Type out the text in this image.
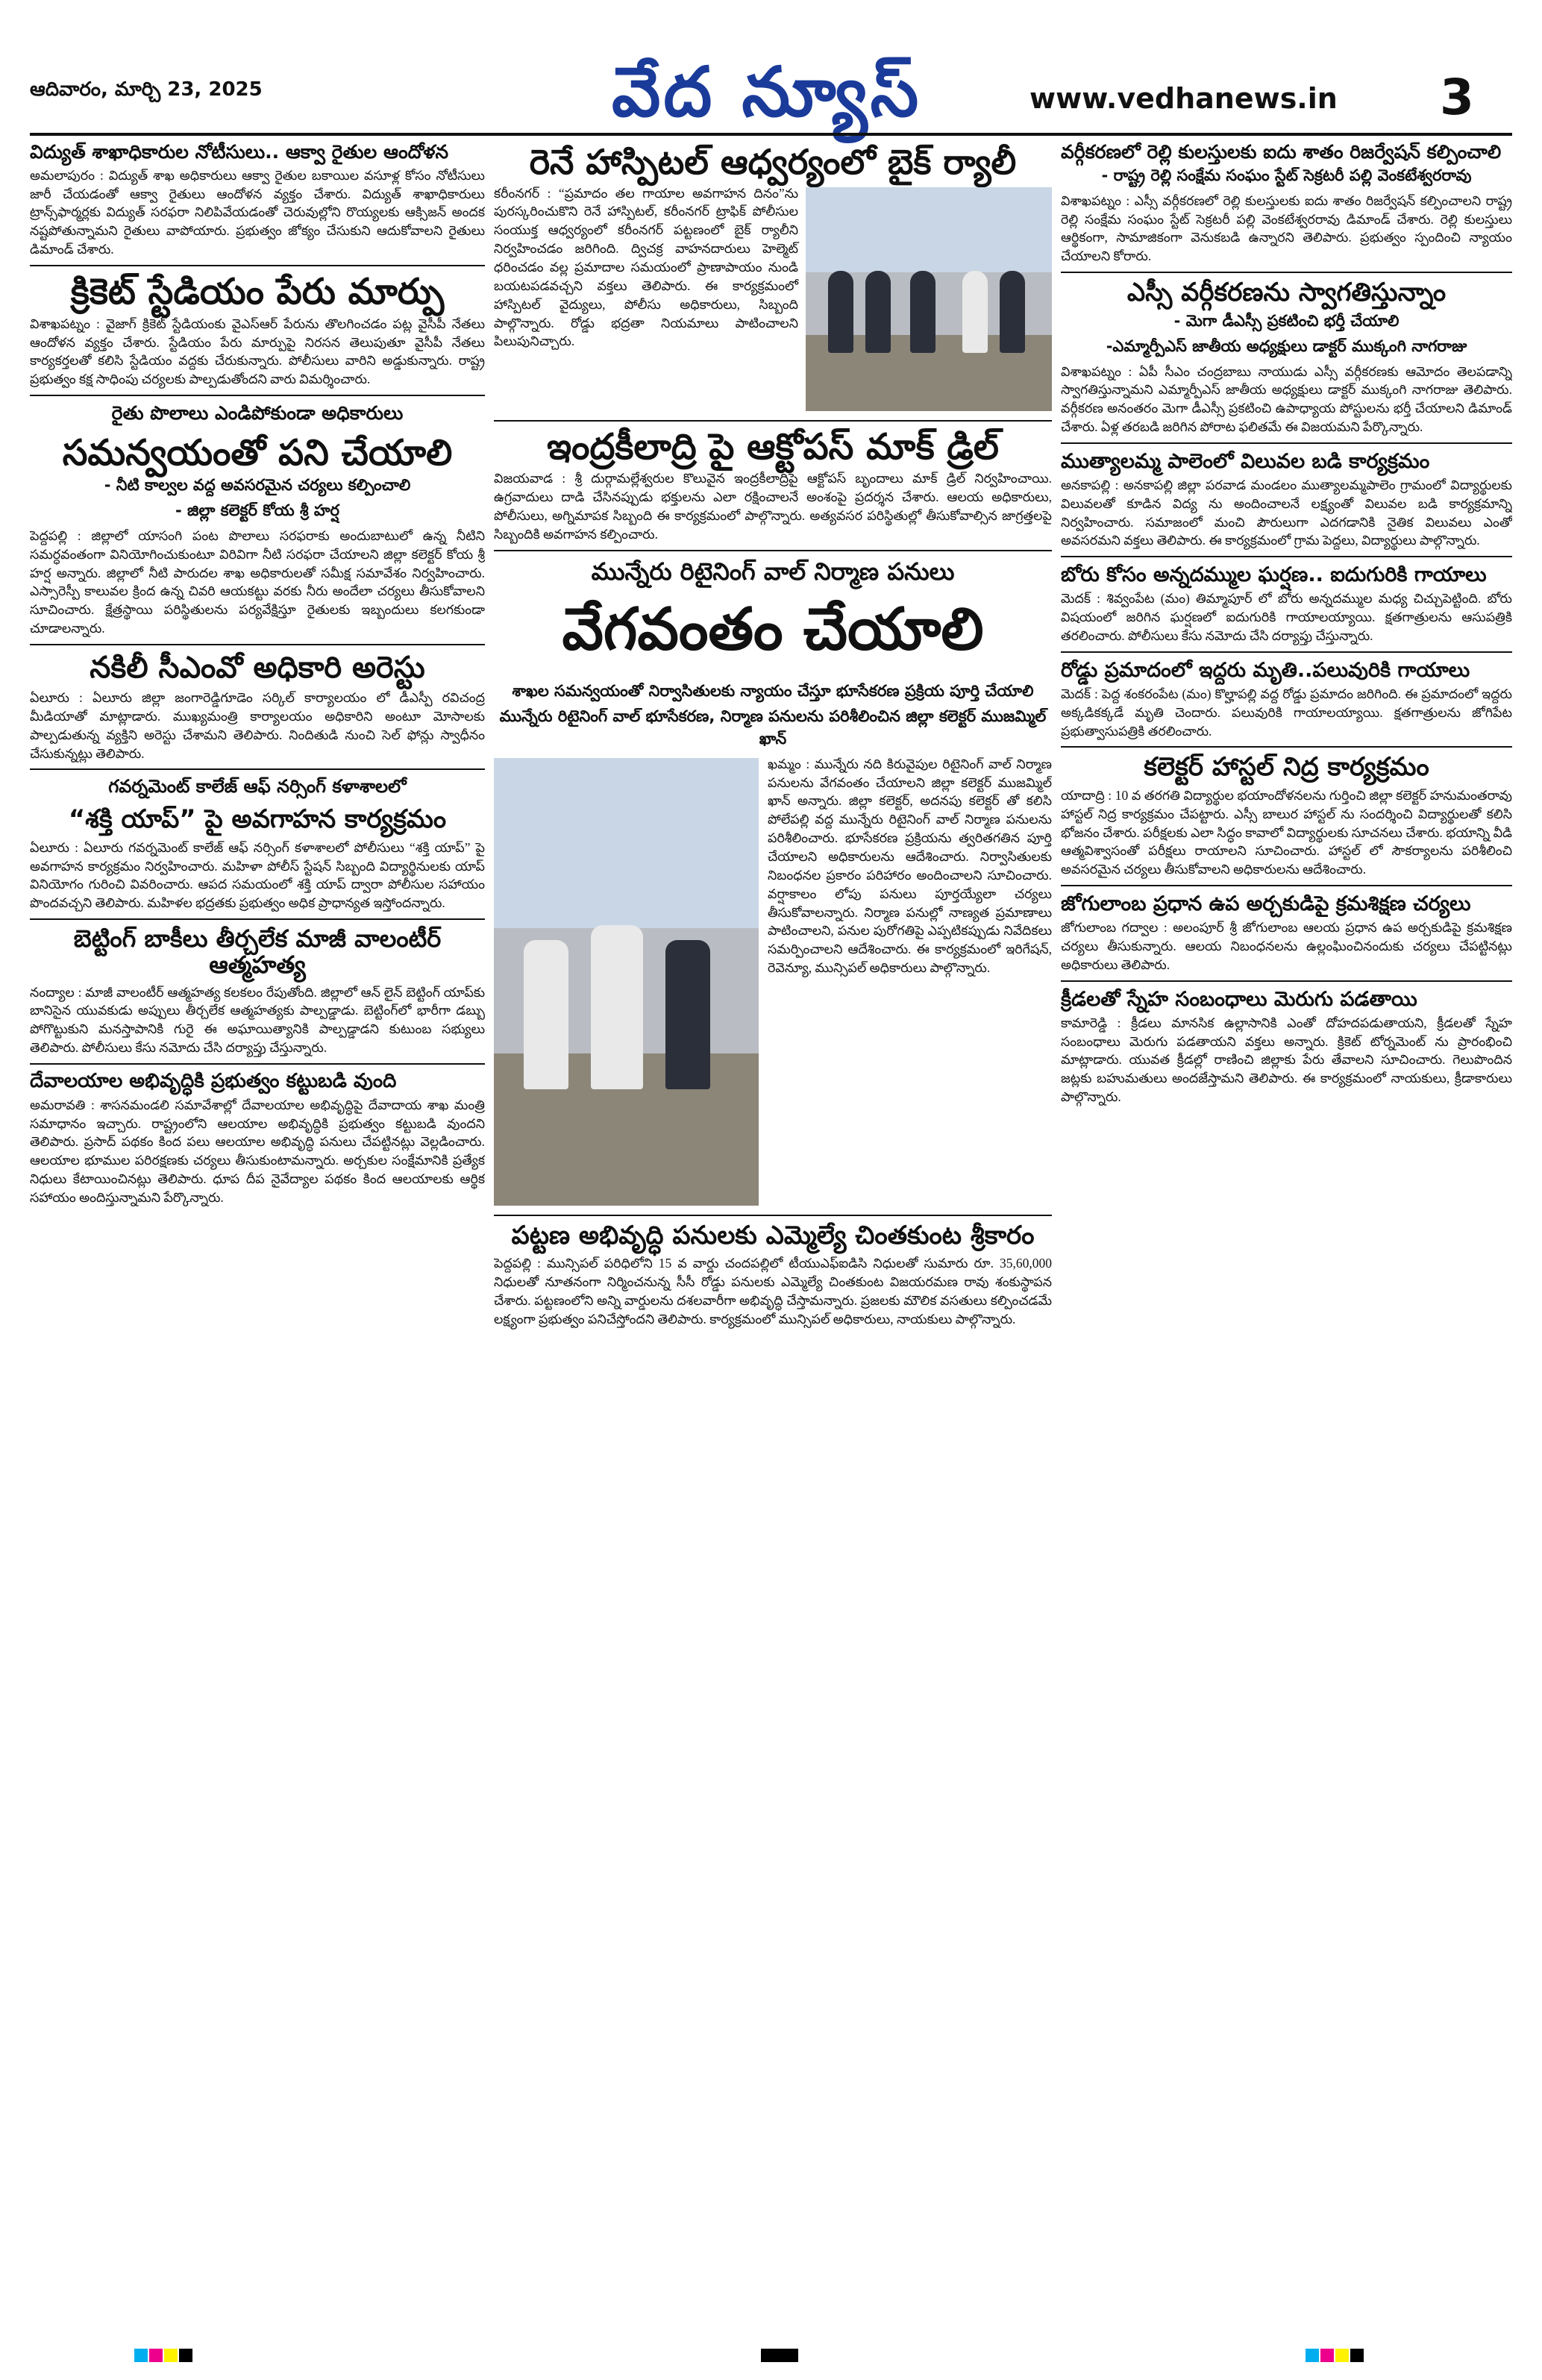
ఆదివారం, మార్చి 23, 2025	వేద న్యూస్	www.vedhanews.in 3
విద్యుత్ శాఖాధికారుల నోటీసులు.. ఆక్వా రైతుల ఆందోళన

అమలాపురం : విద్యుత్ శాఖ అధికారులు ఆక్వా రైతుల బకాయిల వసూళ్ల కోసం నోటీసులు జారీ చేయడంతో ఆక్వా రైతులు ఆందోళన వ్యక్తం చేశారు. విద్యుత్ శాఖాధికారులు ట్రాన్స్‌ఫార్మర్లకు విద్యుత్ సరఫరా నిలిపివేయడంతో చెరువుల్లోని రొయ్యలకు ఆక్సిజన్ అందక నష్టపోతున్నామని రైతులు వాపోయారు. ప్రభుత్వం జోక్యం చేసుకుని ఆదుకోవాలని రైతులు డిమాండ్ చేశారు.

క్రికెట్ స్టేడియం పేరు మార్పు

విశాఖపట్నం : వైజాగ్ క్రికెట్ స్టేడియంకు వైఎస్ఆర్ పేరును తొలగించడం పట్ల వైసీపీ నేతలు ఆందోళన వ్యక్తం చేశారు. స్టేడియం పేరు మార్పుపై నిరసన తెలుపుతూ వైసీపీ నేతలు కార్యకర్తలతో కలిసి స్టేడియం వద్దకు చేరుకున్నారు. పోలీసులు వారిని అడ్డుకున్నారు. రాష్ట్ర ప్రభుత్వం కక్ష సాధింపు చర్యలకు పాల్పడుతోందని వారు విమర్శించారు.

రైతు పొలాలు ఎండిపోకుండా అధికారులు
సమన్వయంతో పని చేయాలి
- నీటి కాల్వల వద్ద అవసరమైన చర్యలు కల్పించాలి
- జిల్లా కలెక్టర్ కోయ శ్రీ హర్ష

పెద్దపల్లి : జిల్లాలో యాసంగి పంట పొలాలు సరఫరాకు అందుబాటులో ఉన్న నీటిని సమర్ధవంతంగా వినియోగించుకుంటూ విరివిగా నీటి సరఫరా చేయాలని జిల్లా కలెక్టర్ కోయ శ్రీ హర్ష అన్నారు. జిల్లాలో నీటి పారుదల శాఖ అధికారులతో సమీక్ష సమావేశం నిర్వహించారు. ఎస్సారెస్పీ కాలువల క్రింద ఉన్న చివరి ఆయకట్టు వరకు నీరు అందేలా చర్యలు తీసుకోవాలని సూచించారు. క్షేత్రస్థాయి పరిస్థితులను పర్యవేక్షిస్తూ రైతులకు ఇబ్బందులు కలగకుండా చూడాలన్నారు.

నకిలీ సీఎంవో అధికారి అరెస్టు

ఏలూరు : ఏలూరు జిల్లా జంగారెడ్డిగూడెం సర్కిల్ కార్యాలయం లో డీఎస్పీ రవిచంద్ర మీడియాతో మాట్లాడారు. ముఖ్యమంత్రి కార్యాలయం అధికారిని అంటూ మోసాలకు పాల్పడుతున్న వ్యక్తిని అరెస్టు చేశామని తెలిపారు. నిందితుడి నుంచి సెల్ ఫోన్లు స్వాధీనం చేసుకున్నట్లు తెలిపారు.

గవర్నమెంట్ కాలేజ్ ఆఫ్ నర్సింగ్ కళాశాలలో
“శక్తి యాప్” పై అవగాహన కార్యక్రమం

ఏలూరు : ఏలూరు గవర్నమెంట్ కాలేజ్ ఆఫ్ నర్సింగ్ కళాశాలలో పోలీసులు “శక్తి యాప్” పై అవగాహన కార్యక్రమం నిర్వహించారు. మహిళా పోలీస్ స్టేషన్ సిబ్బంది విద్యార్థినులకు యాప్ వినియోగం గురించి వివరించారు. ఆపద సమయంలో శక్తి యాప్ ద్వారా పోలీసుల సహాయం పొందవచ్చని తెలిపారు. మహిళల భద్రతకు ప్రభుత్వం అధిక ప్రాధాన్యత ఇస్తోందన్నారు.

బెట్టింగ్ బాకీలు తీర్చలేక మాజీ వాలంటీర్ ఆత్మహత్య

నంద్యాల : మాజీ వాలంటీర్ ఆత్మహత్య కలకలం రేపుతోంది. జిల్లాలో ఆన్ లైన్ బెట్టింగ్ యాప్‌కు బానిసైన యువకుడు అప్పులు తీర్చలేక ఆత్మహత్యకు పాల్పడ్డాడు. బెట్టింగ్‌లో భారీగా డబ్బు పోగొట్టుకుని మనస్తాపానికి గురై ఈ అఘాయిత్యానికి పాల్పడ్డాడని కుటుంబ సభ్యులు తెలిపారు. పోలీసులు కేసు నమోదు చేసి దర్యాప్తు చేస్తున్నారు.

దేవాలయాల అభివృద్ధికి ప్రభుత్వం కట్టుబడి వుంది

అమరావతి : శాసనమండలి సమావేశాల్లో దేవాలయాల అభివృద్ధిపై దేవాదాయ శాఖ మంత్రి సమాధానం ఇచ్చారు. రాష్ట్రంలోని ఆలయాల అభివృద్ధికి ప్రభుత్వం కట్టుబడి వుందని తెలిపారు. ప్రసాద్ పథకం కింద పలు ఆలయాల అభివృద్ధి పనులు చేపట్టినట్లు వెల్లడించారు. ఆలయాల భూముల పరిరక్షణకు చర్యలు తీసుకుంటామన్నారు. అర్చకుల సంక్షేమానికి ప్రత్యేక నిధులు కేటాయించినట్లు తెలిపారు. ధూప దీప నైవేద్యాల పథకం కింద ఆలయాలకు ఆర్థిక సహాయం అందిస్తున్నామని పేర్కొన్నారు.

రెనే హాస్పిటల్ ఆధ్వర్యంలో బైక్ ర్యాలీ

కరీంనగర్ : “ప్రమాదం తల గాయాల అవగాహన దినం”ను పురస్కరించుకొని రెనే హాస్పిటల్, కరీంనగర్ ట్రాఫిక్ పోలీసుల సంయుక్త ఆధ్వర్యంలో కరీంనగర్ పట్టణంలో బైక్ ర్యాలీని నిర్వహించడం జరిగింది. ద్విచక్ర వాహనదారులు హెల్మెట్ ధరించడం వల్ల ప్రమాదాల సమయంలో ప్రాణాపాయం నుండి బయటపడవచ్చని వక్తలు తెలిపారు. ఈ కార్యక్రమంలో హాస్పిటల్ వైద్యులు, పోలీసు అధికారులు, సిబ్బంది పాల్గొన్నారు. రోడ్డు భద్రతా నియమాలు పాటించాలని పిలుపునిచ్చారు.

ఇంద్రకీలాద్రి పై ఆక్టోపస్ మాక్ డ్రిల్

విజయవాడ : శ్రీ దుర్గామల్లేశ్వరుల కొలువైన ఇంద్రకీలాద్రిపై ఆక్టోపస్ బృందాలు మాక్ డ్రిల్ నిర్వహించాయి. ఉగ్రవాదులు దాడి చేసినప్పుడు భక్తులను ఎలా రక్షించాలనే అంశంపై ప్రదర్శన చేశారు. ఆలయ అధికారులు, పోలీసులు, అగ్నిమాపక సిబ్బంది ఈ కార్యక్రమంలో పాల్గొన్నారు. అత్యవసర పరిస్థితుల్లో తీసుకోవాల్సిన జాగ్రత్తలపై సిబ్బందికి అవగాహన కల్పించారు.

మున్నేరు రిటైనింగ్ వాల్ నిర్మాణ పనులు
వేగవంతం చేయాలి
శాఖల సమన్వయంతో నిర్వాసితులకు న్యాయం చేస్తూ భూసేకరణ ప్రక్రియ పూర్తి చేయాలి
మున్నేరు రిటైనింగ్ వాల్ భూసేకరణ, నిర్మాణ పనులను పరిశీలించిన జిల్లా కలెక్టర్ ముజమ్మిల్ ఖాన్

ఖమ్మం : మున్నేరు నది కిరువైపుల రిటైనింగ్ వాల్ నిర్మాణ పనులను వేగవంతం చేయాలని జిల్లా కలెక్టర్ ముజమ్మిల్ ఖాన్ అన్నారు. జిల్లా కలెక్టర్, అదనపు కలెక్టర్ తో కలిసి పోలేపల్లి వద్ద మున్నేరు రిటైనింగ్ వాల్ నిర్మాణ పనులను పరిశీలించారు. భూసేకరణ ప్రక్రియను త్వరితగతిన పూర్తి చేయాలని అధికారులను ఆదేశించారు. నిర్వాసితులకు నిబంధనల ప్రకారం పరిహారం అందించాలని సూచించారు. వర్షాకాలం లోపు పనులు పూర్తయ్యేలా చర్యలు తీసుకోవాలన్నారు. నిర్మాణ పనుల్లో నాణ్యత ప్రమాణాలు పాటించాలని, పనుల పురోగతిపై ఎప్పటికప్పుడు నివేదికలు సమర్పించాలని ఆదేశించారు. ఈ కార్యక్రమంలో ఇరిగేషన్, రెవెన్యూ, మున్సిపల్ అధికారులు పాల్గొన్నారు.

పట్టణ అభివృద్ధి పనులకు ఎమ్మెల్యే చింతకుంట శ్రీకారం

పెద్దపల్లి : మున్సిపల్ పరిధిలోని 15 వ వార్డు చందపల్లిలో టీయుఎఫ్ఐడిసి నిధులతో సుమారు రూ. 35,60,000 నిధులతో నూతనంగా నిర్మించనున్న సీసీ రోడ్డు పనులకు ఎమ్మెల్యే చింతకుంట విజయరమణ రావు శంకుస్థాపన చేశారు. పట్టణంలోని అన్ని వార్డులను దశలవారీగా అభివృద్ధి చేస్తామన్నారు. ప్రజలకు మౌలిక వసతులు కల్పించడమే లక్ష్యంగా ప్రభుత్వం పనిచేస్తోందని తెలిపారు. కార్యక్రమంలో మున్సిపల్ అధికారులు, నాయకులు పాల్గొన్నారు.

వర్గీకరణలో రెల్లి కులస్తులకు ఐదు శాతం రిజర్వేషన్ కల్పించాలి
- రాష్ట్ర రెల్లి సంక్షేమ సంఘం స్టేట్ సెక్రటరీ పల్లి వెంకటేశ్వరరావు

విశాఖపట్నం : ఎస్సీ వర్గీకరణలో రెల్లి కులస్తులకు ఐదు శాతం రిజర్వేషన్ కల్పించాలని రాష్ట్ర రెల్లి సంక్షేమ సంఘం స్టేట్ సెక్రటరీ పల్లి వెంకటేశ్వరరావు డిమాండ్ చేశారు. రెల్లి కులస్తులు ఆర్థికంగా, సామాజికంగా వెనుకబడి ఉన్నారని తెలిపారు. ప్రభుత్వం స్పందించి న్యాయం చేయాలని కోరారు.

ఎస్సీ వర్గీకరణను స్వాగతిస్తున్నాం
- మెగా డీఎస్సీ ప్రకటించి భర్తీ చేయాలి
-ఎమ్మార్పీఎస్ జాతీయ అధ్యక్షులు డాక్టర్ ముక్కంగి నాగరాజు

విశాఖపట్నం : ఏపీ సీఎం చంద్రబాబు నాయుడు ఎస్సీ వర్గీకరణకు ఆమోదం తెలపడాన్ని స్వాగతిస్తున్నామని ఎమ్మార్పీఎస్ జాతీయ అధ్యక్షులు డాక్టర్ ముక్కంగి నాగరాజు తెలిపారు. వర్గీకరణ అనంతరం మెగా డీఎస్సీ ప్రకటించి ఉపాధ్యాయ పోస్టులను భర్తీ చేయాలని డిమాండ్ చేశారు. ఏళ్ల తరబడి జరిగిన పోరాట ఫలితమే ఈ విజయమని పేర్కొన్నారు.

ముత్యాలమ్మ పాలెంలో విలువల బడి కార్యక్రమం

అనకాపల్లి : అనకాపల్లి జిల్లా పరవాడ మండలం ముత్యాలమ్మపాలెం గ్రామంలో విద్యార్థులకు విలువలతో కూడిన విద్య ను అందించాలనే లక్ష్యంతో విలువల బడి కార్యక్రమాన్ని నిర్వహించారు. సమాజంలో మంచి పౌరులుగా ఎదగడానికి నైతిక విలువలు ఎంతో అవసరమని వక్తలు తెలిపారు. ఈ కార్యక్రమంలో గ్రామ పెద్దలు, విద్యార్థులు పాల్గొన్నారు.

బోరు కోసం అన్నదమ్ముల ఘర్షణ.. ఐదుగురికి గాయాలు

మెదక్ : శివ్వంపేట (మం) తిమ్మాపూర్ లో బోరు అన్నదమ్ముల మధ్య చిచ్చుపెట్టింది. బోరు విషయంలో జరిగిన ఘర్షణలో ఐదుగురికి గాయాలయ్యాయి. క్షతగాత్రులను ఆసుపత్రికి తరలించారు. పోలీసులు కేసు నమోదు చేసి దర్యాప్తు చేస్తున్నారు.

రోడ్డు ప్రమాదంలో ఇద్దరు మృతి..పలువురికి గాయాలు

మెదక్ : పెద్ద శంకరంపేట (మం) కొల్హాపల్లి వద్ద రోడ్డు ప్రమాదం జరిగింది. ఈ ప్రమాదంలో ఇద్దరు అక్కడికక్కడే మృతి చెందారు. పలువురికి గాయాలయ్యాయి. క్షతగాత్రులను జోగిపేట ప్రభుత్వాసుపత్రికి తరలించారు.

కలెక్టర్ హాస్టల్ నిద్ర కార్యక్రమం

యాదాద్రి : 10 వ తరగతి విద్యార్థుల భయాందోళనలను గుర్తించి జిల్లా కలెక్టర్ హనుమంతరావు హాస్టల్ నిద్ర కార్యక్రమం చేపట్టారు. ఎస్సీ బాలుర హాస్టల్ ను సందర్శించి విద్యార్థులతో కలిసి భోజనం చేశారు. పరీక్షలకు ఎలా సిద్ధం కావాలో విద్యార్థులకు సూచనలు చేశారు. భయాన్ని వీడి ఆత్మవిశ్వాసంతో పరీక్షలు రాయాలని సూచించారు. హాస్టల్ లో సౌకర్యాలను పరిశీలించి అవసరమైన చర్యలు తీసుకోవాలని అధికారులను ఆదేశించారు.

జోగులాంబ ప్రధాన ఉప అర్చకుడిపై క్రమశిక్షణ చర్యలు

జోగులాంబ గద్వాల : అలంపూర్ శ్రీ జోగులాంబ ఆలయ ప్రధాన ఉప అర్చకుడిపై క్రమశిక్షణ చర్యలు తీసుకున్నారు. ఆలయ నిబంధనలను ఉల్లంఘించినందుకు చర్యలు చేపట్టినట్లు అధికారులు తెలిపారు.

క్రీడలతో స్నేహ సంబంధాలు మెరుగు పడతాయి

కామారెడ్డి : క్రీడలు మానసిక ఉల్లాసానికి ఎంతో దోహదపడుతాయని, క్రీడలతో స్నేహ సంబంధాలు మెరుగు పడతాయని వక్తలు అన్నారు. క్రికెట్ టోర్నమెంట్ ను ప్రారంభించి మాట్లాడారు. యువత క్రీడల్లో రాణించి జిల్లాకు పేరు తేవాలని సూచించారు. గెలుపొందిన జట్లకు బహుమతులు అందజేస్తామని తెలిపారు. ఈ కార్యక్రమంలో నాయకులు, క్రీడాకారులు పాల్గొన్నారు.
